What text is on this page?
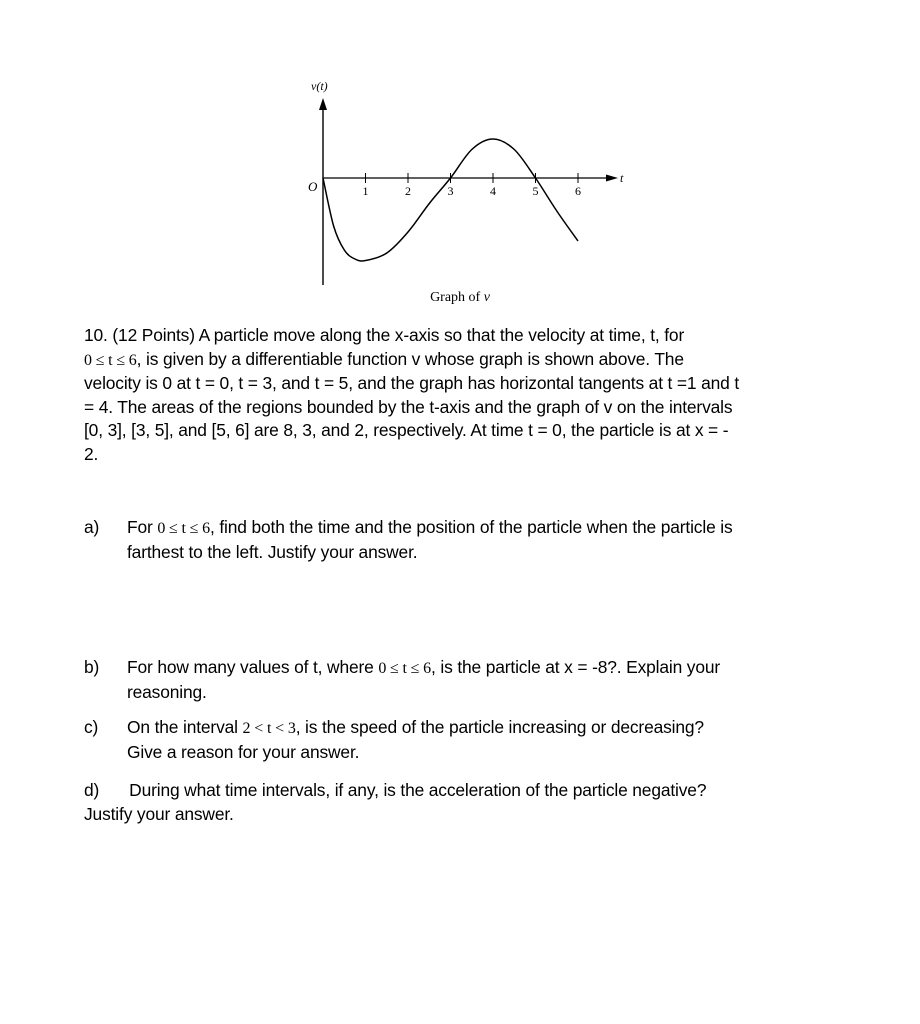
v(t)
t
O	1	2	3	4	5	6
Graph of v
10. (12 Points) A particle move along the x-axis so that the velocity at time, t, for
0 ≤ t ≤ 6, is given by a differentiable function v whose graph is shown above. The
velocity is 0 at t = 0, t = 3, and t = 5, and the graph has horizontal tangents at t =1 and t
= 4. The areas of the regions bounded by the t-axis and the graph of v on the intervals
[0, 3], [3, 5], and [5, 6] are 8, 3, and 2, respectively. At time t = 0, the particle is at x = -
2.
a) For 0 ≤ t ≤ 6, find both the time and the position of the particle when the particle is
farthest to the left. Justify your answer.
b) For how many values of t, where 0 ≤ t ≤ 6, is the particle at x = -8?. Explain your
reasoning.
c) On the interval 2 < t < 3, is the speed of the particle increasing or decreasing?
Give a reason for your answer.
d) During what time intervals, if any, is the acceleration of the particle negative?
Justify your answer.
